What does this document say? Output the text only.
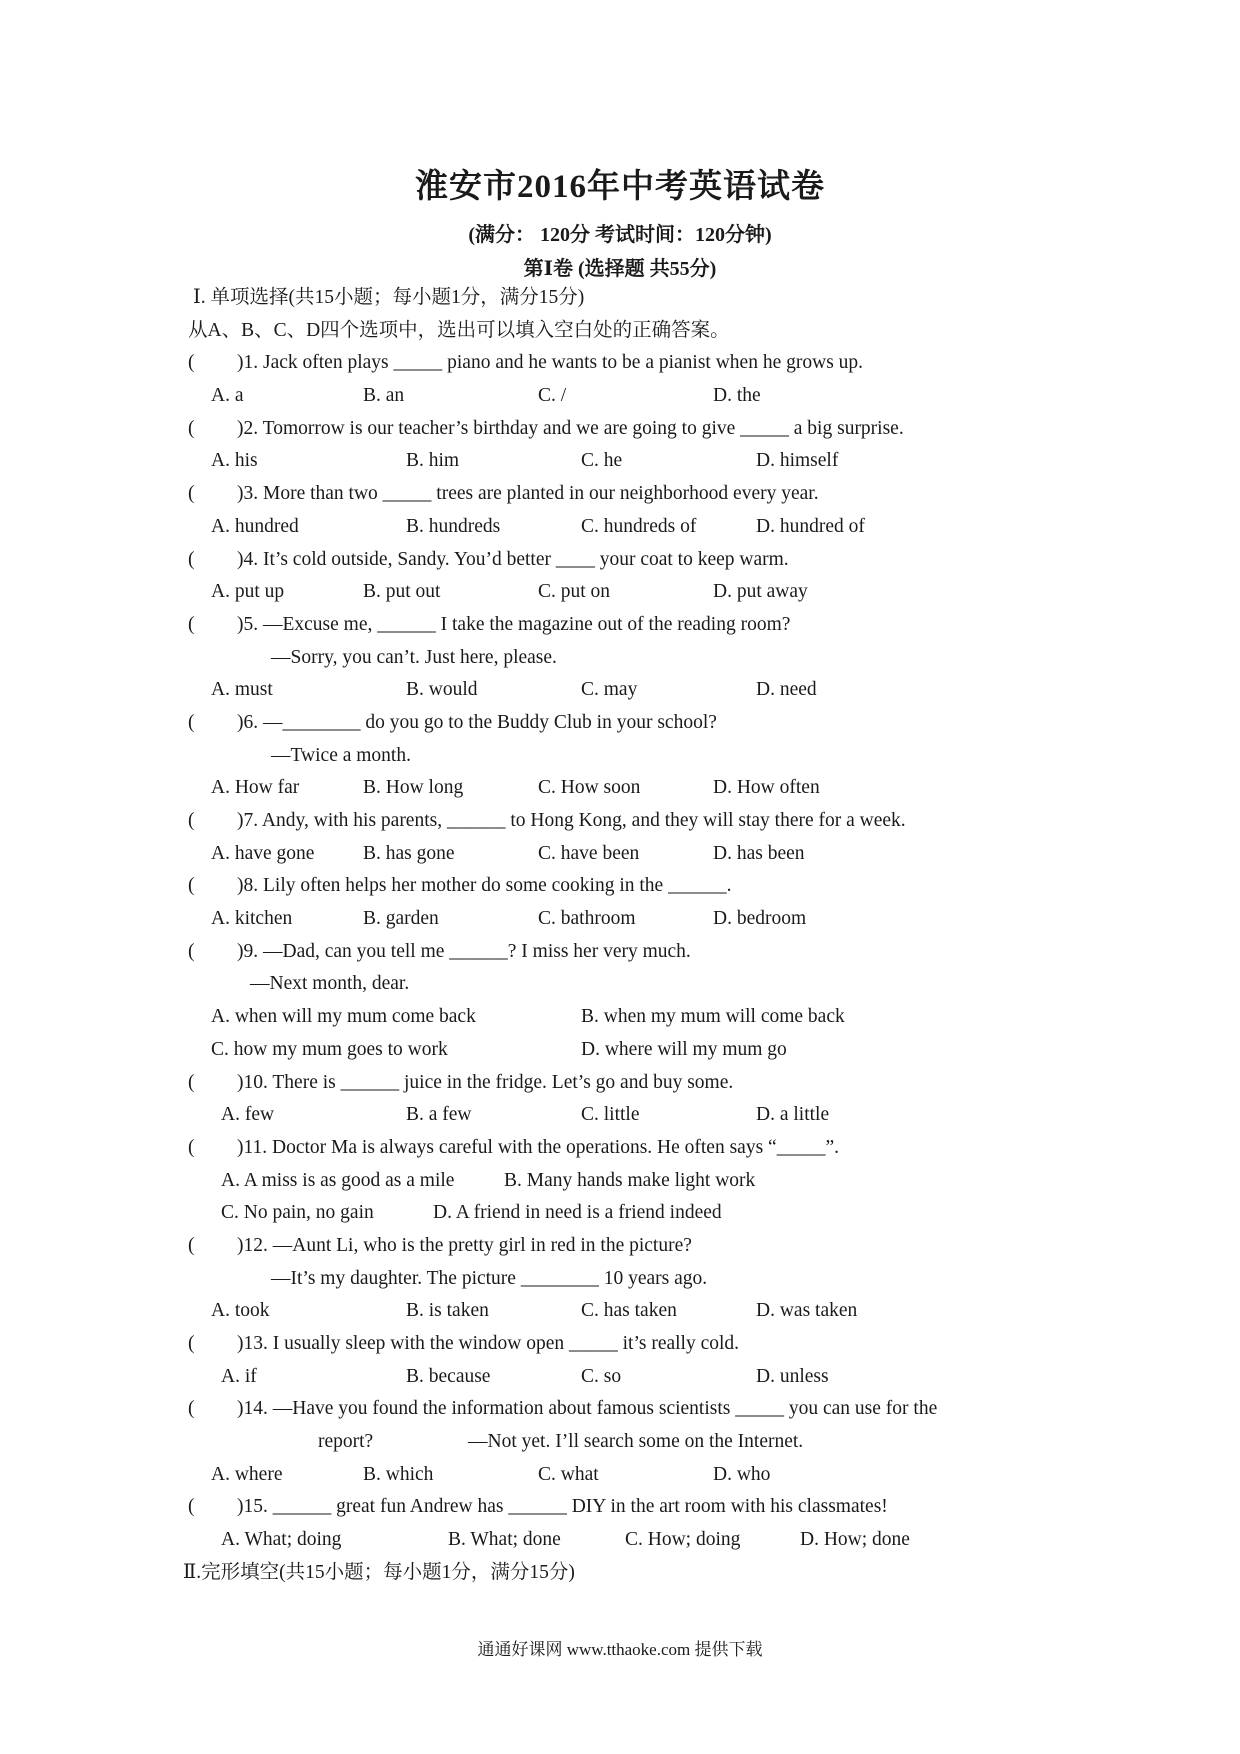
淮安市2016年中考英语试卷
(满分： 120分 考试时间：120分钟)
第Ⅰ卷 (选择题 共55分)
Ⅰ. 单项选择(共15小题；每小题1分，满分15分)
从A、B、C、D四个选项中，选出可以填入空白处的正确答案。
( )1. Jack often plays _____ piano and he wants to be a pianist when he grows up.
A. a	B. an	C. /	D. the
( )2. Tomorrow is our teacher’s birthday and we are going to give _____ a big surprise.
A. his	B. him	C. he	D. himself
( )3. More than two _____ trees are planted in our neighborhood every year.
A. hundred	B. hundreds	C. hundreds of	D. hundred of
( )4. It’s cold outside, Sandy. You’d better ____ your coat to keep warm.
A. put up	B. put out	C. put on	D. put away
( )5. —Excuse me, ______ I take the magazine out of the reading room?
—Sorry, you can’t. Just here, please.
A. must	B. would	C. may	D. need
( )6. —________ do you go to the Buddy Club in your school?
—Twice a month.
A. How far	B. How long	C. How soon	D. How often
( )7. Andy, with his parents, ______ to Hong Kong, and they will stay there for a week.
A. have gone B. has gone	C. have been	D. has been
( )8. Lily often helps her mother do some cooking in the ______.
A. kitchen	B. garden	C. bathroom	D. bedroom
( )9. —Dad, can you tell me ______? I miss her very much.
—Next month, dear.
A. when will my mum come back	B. when my mum will come back
C. how my mum goes to work	D. where will my mum go
( )10. There is ______ juice in the fridge. Let’s go and buy some.
A. few	B. a few	C. little	D. a little
( )11. Doctor Ma is always careful with the operations. He often says “_____”.
A. A miss is as good as a mile	B. Many hands make light work
C. No pain, no gain	D. A friend in need is a friend indeed
( )12. —Aunt Li, who is the pretty girl in red in the picture?
—It’s my daughter. The picture ________ 10 years ago.
A. took	B. is taken	C. has taken	D. was taken
( )13. I usually sleep with the window open _____ it’s really cold.
A. if	B. because	C. so	D. unless
( )14. —Have you found the information about famous scientists _____ you can use for the
report?	—Not yet. I’ll search some on the Internet.
A. where	B. which	C. what	D. who
( )15. ______ great fun Andrew has ______ DIY in the art room with his classmates!
A. What; doing	B. What; done	C. How; doing	D. How; done
Ⅱ.完形填空(共15小题；每小题1分，满分15分)
通通好课网 www.tthaoke.com 提供下载
